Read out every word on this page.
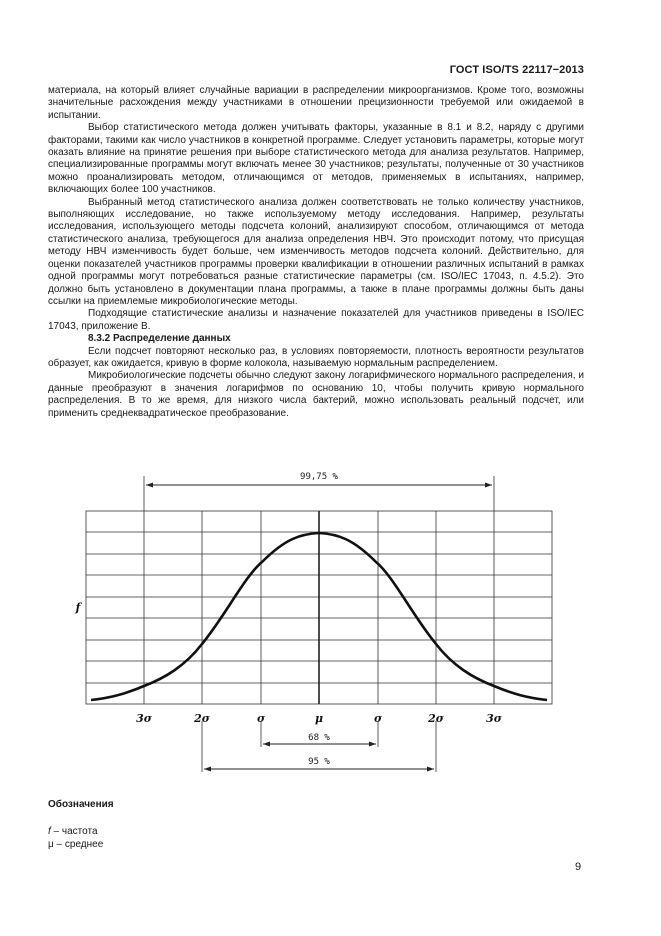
ГОСТ ISO/TS 22117−2013

материала, на который влияет случайные вариации в распределении микроорганизмов. Кроме того, возможны значительные расхождения между участниками в отношении прецизионности требуемой или ожидаемой в испытании.

Выбор статистического метода должен учитывать факторы, указанные в 8.1 и 8.2, наряду с другими факторами, такими как число участников в конкретной программе. Следует установить параметры, которые могут оказать влияние на принятие решения при выборе статистического метода для анализа результатов. Например, специализированные программы могут включать менее 30 участников; результаты, полученные от 30 участников можно проанализировать методом, отличающимся от методов, применяемых в испытаниях, например, включающих более 100 участников.

Выбранный метод статистического анализа должен соответствовать не только количеству участников, выполняющих исследование, но также используемому методу исследования. Например, результаты исследования, использующего методы подсчета колоний, анализируют способом, отличающимся от метода статистического анализа, требующегося для анализа определения НВЧ. Это происходит потому, что присущая методу НВЧ изменчивость будет больше, чем изменчивость методов подсчета колоний. Действительно, для оценки показателей участников программы проверки квалификации в отношении различных испытаний в рамках одной программы могут потребоваться разные статистические параметры (см. ISO/IEC 17043, п. 4.5.2). Это должно быть установлено в документации плана программы, а также в плане программы должны быть даны ссылки на приемлемые микробиологические методы.

Подходящие статистические анализы и назначение показателей для участников приведены в ISO/IEC 17043, приложение В.

8.3.2 Распределение данных

Если подсчет повторяют несколько раз, в условиях повторяемости, плотность вероятности результатов образует, как ожидается, кривую в форме колокола, называемую нормальным распределением.

Микробиологические подсчеты обычно следуют закону логарифмического нормального распределения, и данные преобразуют в значения логарифмов по основанию 10, чтобы получить кривую нормального распределения. В то же время, для низкого числа бактерий, можно использовать реальный подсчет, или применить среднеквадратическое преобразование.

99,75 %
68 %
95 %
f
3σ	2σ	σ	μ	σ	2σ	3σ
Обозначения
f – частота
μ – среднее
9
